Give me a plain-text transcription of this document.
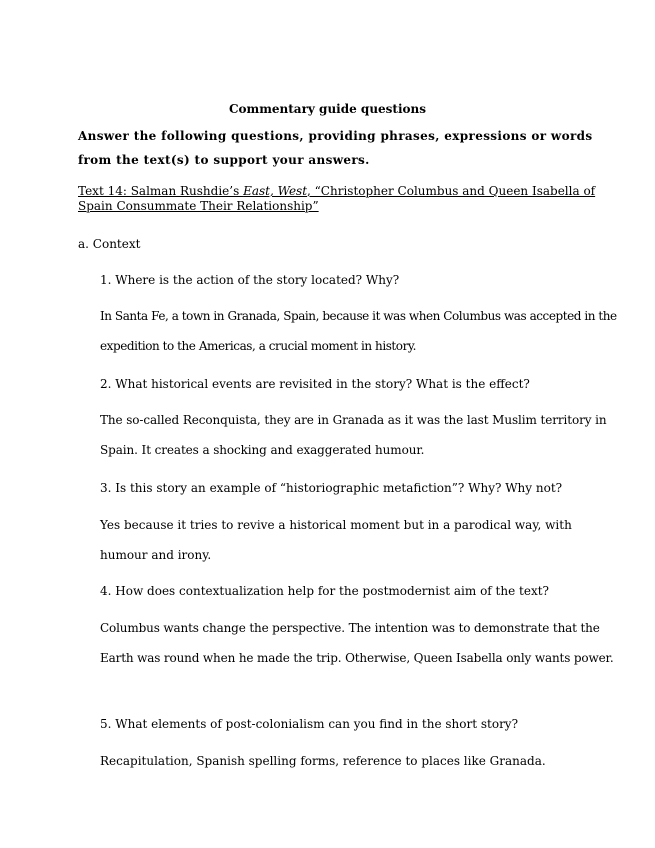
Commentary guide questions
Answer the following questions, providing phrases, expressions or words from the text(s) to support your answers.
Text 14: Salman Rushdie’s East, West, “Christopher Columbus and Queen Isabella of Spain Consummate Their Relationship”
a. Context
1. Where is the action of the story located? Why?
In Santa Fe, a town in Granada, Spain, because it was when Columbus was accepted in the expedition to the Americas, a crucial moment in history.
2. What historical events are revisited in the story? What is the effect?
The so-called Reconquista, they are in Granada as it was the last Muslim territory in Spain. It creates a shocking and exaggerated humour.
3. Is this story an example of “historiographic metafiction”? Why? Why not?
Yes because it tries to revive a historical moment but in a parodical way, with humour and irony.
4. How does contextualization help for the postmodernist aim of the text?
Columbus wants change the perspective. The intention was to demonstrate that the Earth was round when he made the trip. Otherwise, Queen Isabella only wants power.
5. What elements of post-colonialism can you find in the short story?
Recapitulation, Spanish spelling forms, reference to places like Granada.
